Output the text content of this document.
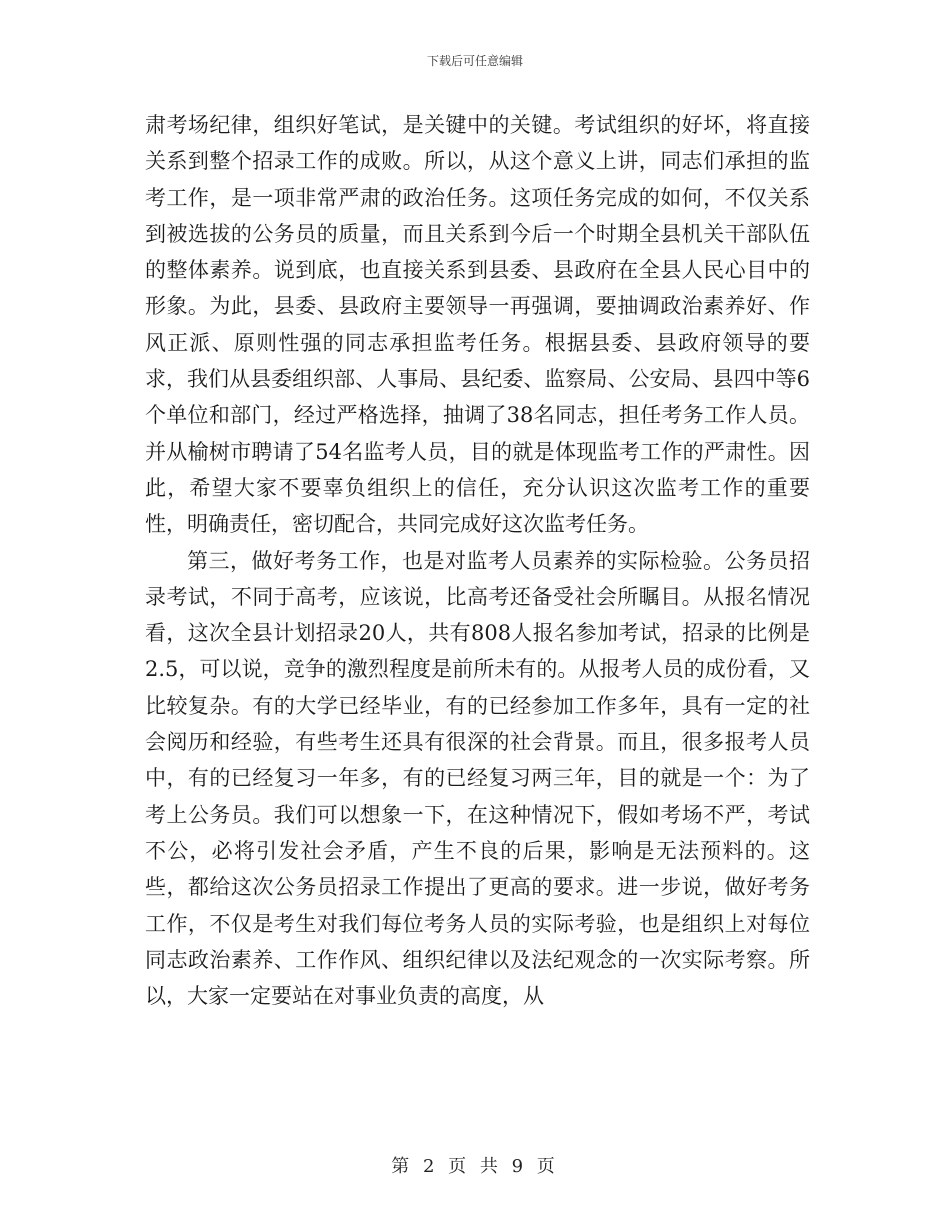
下载后可任意编辑

肃考场纪律，组织好笔试，是关键中的关键。考试组织的好坏，将直接关系到整个招录工作的成败。所以，从这个意义上讲，同志们承担的监考工作，是一项非常严肃的政治任务。这项任务完成的如何，不仅关系到被选拔的公务员的质量，而且关系到今后一个时期全县机关干部队伍的整体素养。说到底，也直接关系到县委、县政府在全县人民心目中的形象。为此，县委、县政府主要领导一再强调，要抽调政治素养好、作风正派、原则性强的同志承担监考任务。根据县委、县政府领导的要求，我们从县委组织部、人事局、县纪委、监察局、公安局、县四中等6个单位和部门，经过严格选择，抽调了38名同志，担任考务工作人员。并从榆树市聘请了54名监考人员，目的就是体现监考工作的严肃性。因此，希望大家不要辜负组织上的信任，充分认识这次监考工作的重要性，明确责任，密切配合，共同完成好这次监考任务。

第三，做好考务工作，也是对监考人员素养的实际检验。公务员招录考试，不同于高考，应该说，比高考还备受社会所瞩目。从报名情况看，这次全县计划招录20人，共有808人报名参加考试，招录的比例是2.5，可以说，竞争的激烈程度是前所未有的。从报考人员的成份看，又比较复杂。有的大学已经毕业，有的已经参加工作多年，具有一定的社会阅历和经验，有些考生还具有很深的社会背景。而且，很多报考人员中，有的已经复习一年多，有的已经复习两三年，目的就是一个：为了考上公务员。我们可以想象一下，在这种情况下，假如考场不严，考试不公，必将引发社会矛盾，产生不良的后果，影响是无法预料的。这些，都给这次公务员招录工作提出了更高的要求。进一步说，做好考务工作，不仅是考生对我们每位考务人员的实际考验，也是组织上对每位同志政治素养、工作作风、组织纪律以及法纪观念的一次实际考察。所以，大家一定要站在对事业负责的高度，从

第 2 页 共 9 页
